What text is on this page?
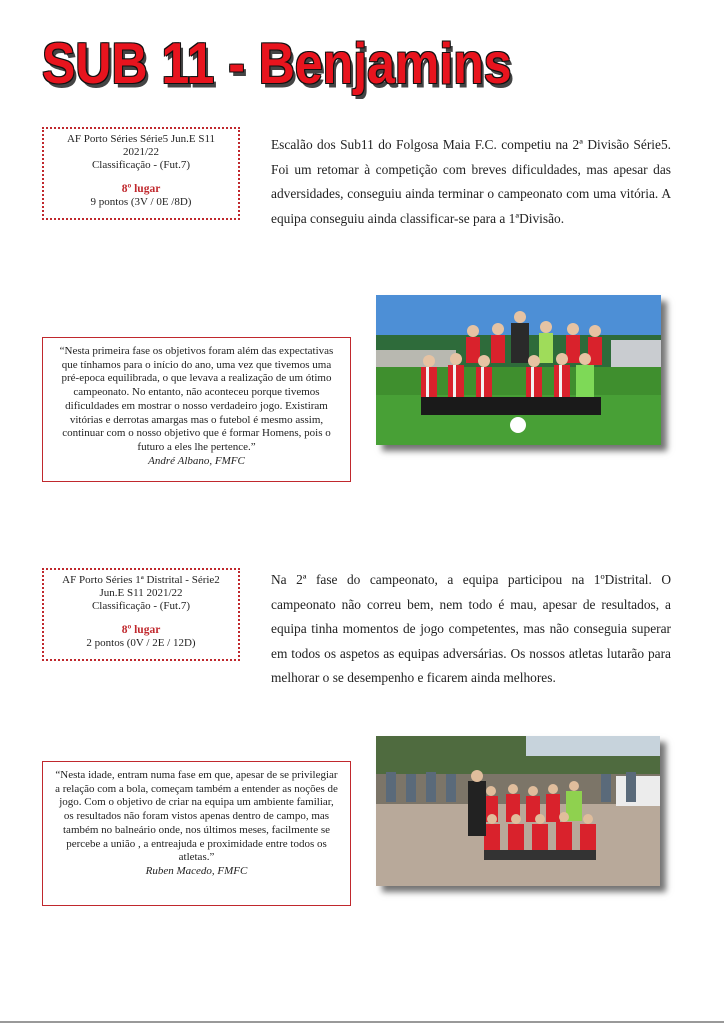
SUB 11 - Benjamins
AF Porto Séries Série5 Jun.E S11 2021/22
Classificação - (Fut.7)
8º lugar
9 pontos (3V / 0E /8D)
Escalão dos Sub11 do Folgosa Maia F.C. competiu na 2ª Divisão Série5. Foi um retomar à competição com breves dificuldades, mas apesar das adversidades, conseguiu ainda terminar o campeonato com uma vitória. A equipa conseguiu ainda classificar-se para a 1ªDivisão.
“Nesta primeira fase os objetivos foram além das expectativas que tínhamos para o início do ano, uma vez que tivemos uma pré-epoca equilibrada, o que levava a realização de um ótimo campeonato. No entanto, não aconteceu porque tivemos dificuldades em mostrar o nosso verdadeiro jogo. Existiram vitórias e derrotas amargas mas o futebol é mesmo assim, continuar com o nosso objetivo que é formar Homens, pois o futuro a eles lhe pertence.”
André Albano, FMFC
AF Porto Séries 1ª Distrital - Série2 Jun.E S11 2021/22
Classificação - (Fut.7)
8º lugar
2 pontos (0V / 2E / 12D)
Na 2ª fase do campeonato, a equipa participou na 1ºDistrital. O campeonato não correu bem, nem todo é mau, apesar de resultados, a equipa tinha momentos de jogo competentes, mas não conseguia superar em todos os aspetos as equipas adversárias. Os nossos atletas lutarão para melhorar o se desempenho e ficarem ainda melhores.
“Nesta idade, entram numa fase em que, apesar de se privilegiar a relação com a bola, começam também a entender as noções de jogo. Com o objetivo de criar na equipa um ambiente familiar, os resultados não foram vistos apenas dentro de campo, mas também no balneário onde, nos últimos meses, facilmente se percebe a união , a entreajuda e proximidade entre todos os atletas.”
Ruben Macedo, FMFC
